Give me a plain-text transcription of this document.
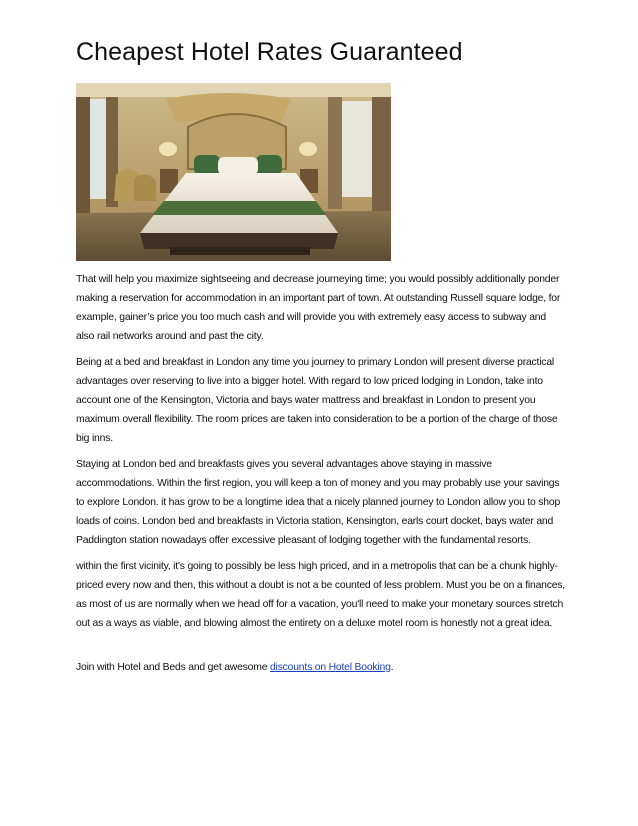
Cheapest Hotel Rates Guaranteed

That will help you maximize sightseeing and decrease journeying time; you would possibly additionally ponder making a reservation for accommodation in an important part of town. At outstanding Russell square lodge, for example, gainer’s price you too much cash and will provide you with extremely easy access to subway and also rail networks around and past the city.

Being at a bed and breakfast in London any time you journey to primary London will present diverse practical advantages over reserving to live into a bigger hotel. With regard to low priced lodging in London, take into account one of the Kensington, Victoria and bays water mattress and breakfast in London to present you maximum overall flexibility. The room prices are taken into consideration to be a portion of the charge of those big inns.

Staying at London bed and breakfasts gives you several advantages above staying in massive accommodations. Within the first region, you will keep a ton of money and you may probably use your savings to explore London. it has grow to be a longtime idea that a nicely planned journey to London allow you to shop loads of coins. London bed and breakfasts in Victoria station, Kensington, earls court docket, bays water and Paddington station nowadays offer excessive pleasant of lodging together with the fundamental resorts.

within the first vicinity, it's going to possibly be less high priced, and in a metropolis that can be a chunk highly-priced every now and then, this without a doubt is not a be counted of less problem. Must you be on a finances, as most of us are normally when we head off for a vacation, you'll need to make your monetary sources stretch out as a ways as viable, and blowing almost the entirety on a deluxe motel room is honestly not a great idea.

Join with Hotel and Beds and get awesome discounts on Hotel Booking.
